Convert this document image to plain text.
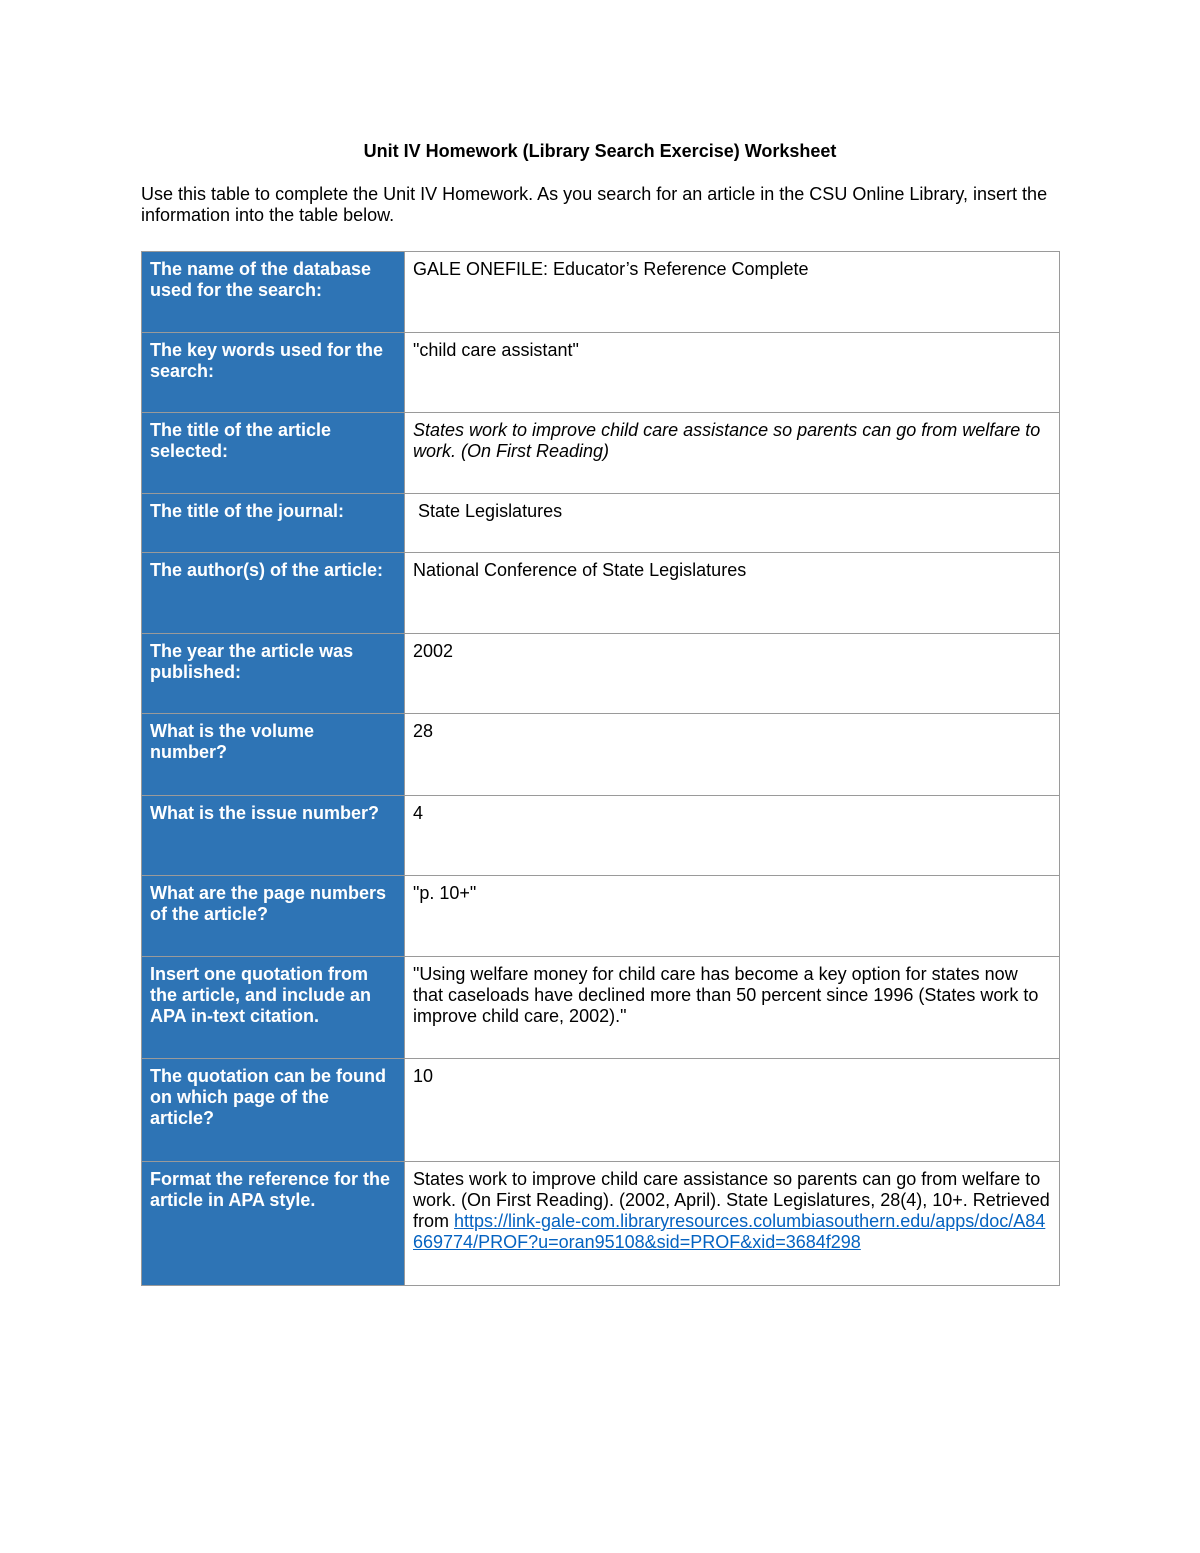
Unit IV Homework (Library Search Exercise) Worksheet
Use this table to complete the Unit IV Homework. As you search for an article in the CSU Online Library, insert the information into the table below.
The name of the database used for the search:	GALE ONEFILE: Educator’s Reference Complete
The key words used for the search:	"child care assistant"
The title of the article selected:	States work to improve child care assistance so parents can go from welfare to work. (On First Reading)
The title of the journal:	State Legislatures
The author(s) of the article:	National Conference of State Legislatures
The year the article was published:	2002
What is the volume number?	28
What is the issue number?	4
What are the page numbers of the article?	"p. 10+"
Insert one quotation from the article, and include an APA in-text citation.	"Using welfare money for child care has become a key option for states now that caseloads have declined more than 50 percent since 1996 (States work to improve child care, 2002)."
The quotation can be found on which page of the article?	10
Format the reference for the article in APA style.	States work to improve child care assistance so parents can go from welfare to work. (On First Reading). (2002, April). State Legislatures, 28(4), 10+. Retrieved from https://link-gale-com.libraryresources.columbiasouthern.edu/apps/doc/A84669774/PROF?u=oran95108&sid=PROF&xid=3684f298
